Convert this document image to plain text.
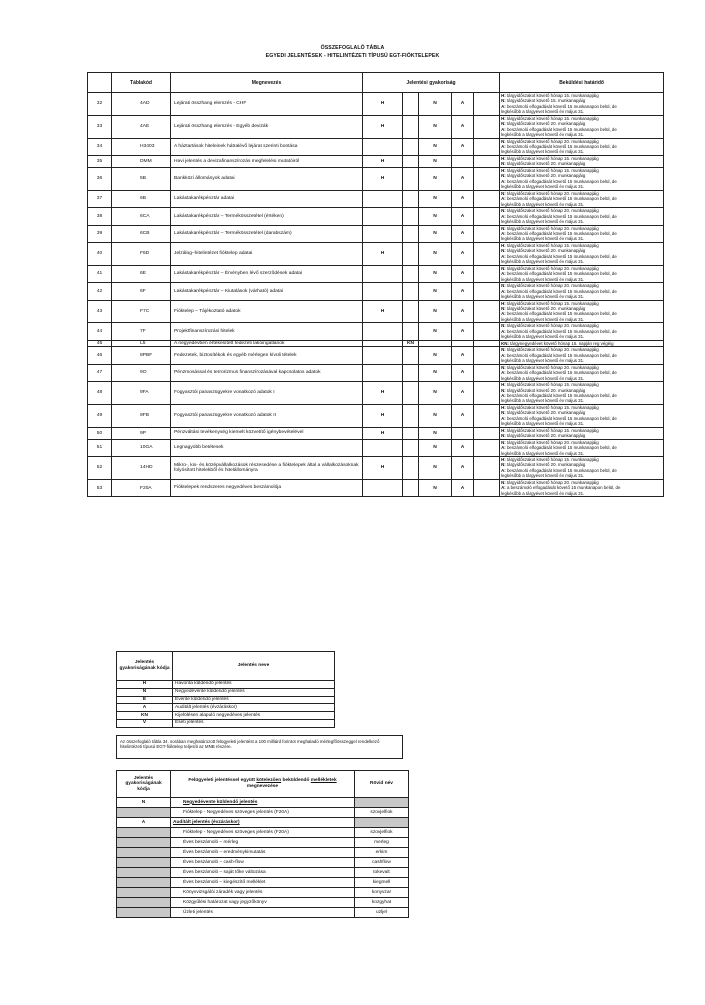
ÖSSZEFOGLALÓ TÁBLA
EGYEDI JELENTÉSEK - HITELINTÉZETI TÍPUSÚ EGT-FIÓKTELEPEK
	Táblakód	Megnevezés	Jelentési gyakoriság					Beküldési határidő
32	4AD	Lejárati összhang elemzés - CHF	H		N	A		H: tárgyidőszakot követő hónap 15. munkanapjáig
N: tárgyidőszakot követő 15. munkanapjáig
A: beszámoló elfogadását követő 15 munkanapon belül, de
legkésőbb a tárgyévet követő év május 31.

33	4AE	Lejárati összhang elemzés - Egyéb devizák	H		N	A		H: tárgyidőszakot követő hónap 15. munkanapjáig
N: tárgyidőszakot követő 20. munkanapjáig
A: beszámoló elfogadását követő 15 munkanapon belül, de
legkésőbb a tárgyévet követő év május 31.

34	H3403	A háztartások hiteleinek hátralévő lejárat szerinti bontása			N	A		N: tárgyidőszakot követő hónap 20. munkanapjáig
A: beszámoló elfogadását követő 15 munkanapon belül, de
legkésőbb a tárgyévet követő év május 31.

35	DMM	Havi jelentés a devizafinanszírozás megfelelési mutatóiról	H		N			H: tárgyidőszakot követő hónap 15. munkanapjáig
N: tárgyidőszakot követő 20. munkanapjáig

36	5B	Bankközi állományok adatai	H		N	A		H: tárgyidőszakot követő hónap 15. munkanapjáig
N: tárgyidőszakot követő 20. munkanapjáig
A: beszámoló elfogadását követő 15 munkanapon belül, de
legkésőbb a tárgyévet követő év május 31.

37	6B	Lakástakarékpénztár adatai			N	A		N: tárgyidőszakot követő hónap 20. munkanapjáig
A: beszámoló elfogadását követő 15 munkanapon belül, de
legkésőbb a tárgyévet követő év május 31.

38	6CA	Lakástakarékpénztár – Termékösszetétel (értéken)			N	A		N: tárgyidőszakot követő hónap 20. munkanapjáig
A: beszámoló elfogadását követő 15 munkanapon belül, de
legkésőbb a tárgyévet követő év május 31.

39	6CB	Lakástakarékpénztár – Termékösszetétel (darabszám)			N	A		N: tárgyidőszakot követő hónap 20. munkanapjáig
A: beszámoló elfogadását követő 15 munkanapon belül, de
legkésőbb a tárgyévet követő év május 31.

40	F6D	Jelzálog–hitelintézet fióktelep adatai	H		N	A		H: tárgyidőszakot követő hónap 15. munkanapjáig
N: tárgyidőszakot követő 20. munkanapjáig
A: beszámoló elfogadását követő 15 munkanapon belül, de
legkésőbb a tárgyévet követő év május 31.

41	6E	Lakástakarékpénztár – Érvényben lévő szerződések adatai			N	A		N: tárgyidőszakot követő hónap 20. munkanapjáig
A: beszámoló elfogadását követő 15 munkanapon belül, de
legkésőbb a tárgyévet követő év május 31.

42	6F	Lakástakarékpénztár – Kiutalások (várható) adatai			N	A		N: tárgyidőszakot követő hónap 20. munkanapjáig
A: beszámoló elfogadását követő 15 munkanapon belül, de
legkésőbb a tárgyévet követő év május 31.

43	F7C	Fióktelep – Tájékoztató adatok	H		N	A		H: tárgyidőszakot követő hónap 15. munkanapjáig
N: tárgyidőszakot követő 20. munkanapjáig
A: beszámoló elfogadását követő 15 munkanapon belül, de
legkésőbb a tárgyévet követő év május 31.

44	7F	Projektfinanszírozási hitelek			N	A		N: tárgyidőszakot követő hónap 20. munkanapjáig
A: beszámoló elfogadását követő 15 munkanapon belül, de
legkésőbb a tárgyévet követő év május 31.

45	L5	A negyedévben értékesített fedezeti lakóingatlanok		KN				KN: tárgynegyedévet követő hónap 15. napján reg végéig

46	8PBF	Fedezetek, biztosítékok és egyéb mérlegen kívüli tételek			N	A		N: tárgyidőszakot követő hónap 20. munkanapjáig
A: beszámoló elfogadását követő 15 munkanapon belül, de
legkésőbb a tárgyévet követő év május 31.

47	9O	Pénzmosással és terrorizmus finanszírozásával kapcsolatos adatok			N	A		N: tárgyidőszakot követő hónap 20. munkanapjáig
A: beszámoló elfogadását követő 15 munkanapon belül, de
legkésőbb a tárgyévet követő év május 31.

48	9FA	Fogyasztói panaszügyekre vonatkozó adatok I	H		N	A		H: tárgyidőszakot követő hónap 15. munkanapjáig
N: tárgyidőszakot követő 20. munkanapjáig
A: beszámoló elfogadását követő 15 munkanapon belül, de
legkésőbb a tárgyévet követő év május 31.

49	9FB	Fogyasztói panaszügyekre vonatkozó adatok II	H		N	A		H: tárgyidőszakot követő hónap 15. munkanapjáig
N: tárgyidőszakot követő 20. munkanapjáig
A: beszámoló elfogadását követő 15 munkanapon belül, de
legkésőbb a tárgyévet követő év május 31.

50	9P	Pénzváltási tevékenység kiemelt közvetítő igénybevételével	H		N			H: tárgyidőszakot követő hónap 15. munkanapjáig
N: tárgyidőszakot követő 20. munkanapjáig

51	10GA	Legnagyobb betétesek			N	A		N: tárgyidőszakot követő hónap 20. munkanapjáig
A: beszámoló elfogadását követő 15 munkanapon belül, de
legkésőbb a tárgyévet követő év május 31.

52	14HD	Mikro-, kis- és középvállalkozások részesedése a fióktelepek által a vállalkozásoknak folyósított hitelekből és hitelállományra	H		N	A		H: tárgyidőszakot követő hónap 15. munkanapjáig
N: tárgyidőszakot követő 20. munkanapjáig
A: beszámoló elfogadását követő 15 munkanapon belül, de
legkésőbb a tárgyévet követő év május 31.

53	F20A	Fióktelepek rendszeres negyedéves beszámolója			N	A		N: tárgyidőszakot követő hónap 20. munkanapjáig
A: a beszámoló elfogadását követő 15 munkanapon belül, de
legkésőbb a tárgyévet követő év május 31.
Jelentés gyakoriságának kódja	Jelentés neve
H	Havonta küldendő jelentés
N	Negyedévente küldendő jelentés
É	Évente küldendő jelentés
A	Auditált jelentés (évzáráskor)
KN	Kijelölésen alapuló negyedéves jelentés
V	Eseti jelentés
Az összefoglaló tábla 34. sorában meghatározott felügyeleti jelentést a 100 milliárd forintot meghaladó mérlegfőösszeggel rendelkező hitelintézeti típusú EGT-fióktelep teljesíti az MNB részére.
Jelentés gyakoriságának kódja	Felügyeleti jelentéssel együtt kötelezően beküldendő mellékletek megnevezése	Rövid név
N	Negyedévente küldendő jelentés	
	Fióktelep - Negyedéves szöveges jelentés (F20A)	szovjelfiok
A	Auditált jelentés (évzáráskor)	
	Fióktelep - Negyedéves szöveges jelentés (F20A)	szovjelfiok
	Éves beszámoló – mérleg	merleg
	Éves beszámoló – eredménykimutatás	erkim
	Éves beszámoló – cash-flow	cashflow
	Éves beszámoló – saját tőke változása	tokevalt
	Éves beszámoló – kiegészítő melléklet	kiegmell
	Könyvvizsgálói záradék vagy jelentés	konyvzar
	Közgyűlési határozat vagy jegyzőkönyv	kozgyhat
	Üzleti jelentés	uzljel
